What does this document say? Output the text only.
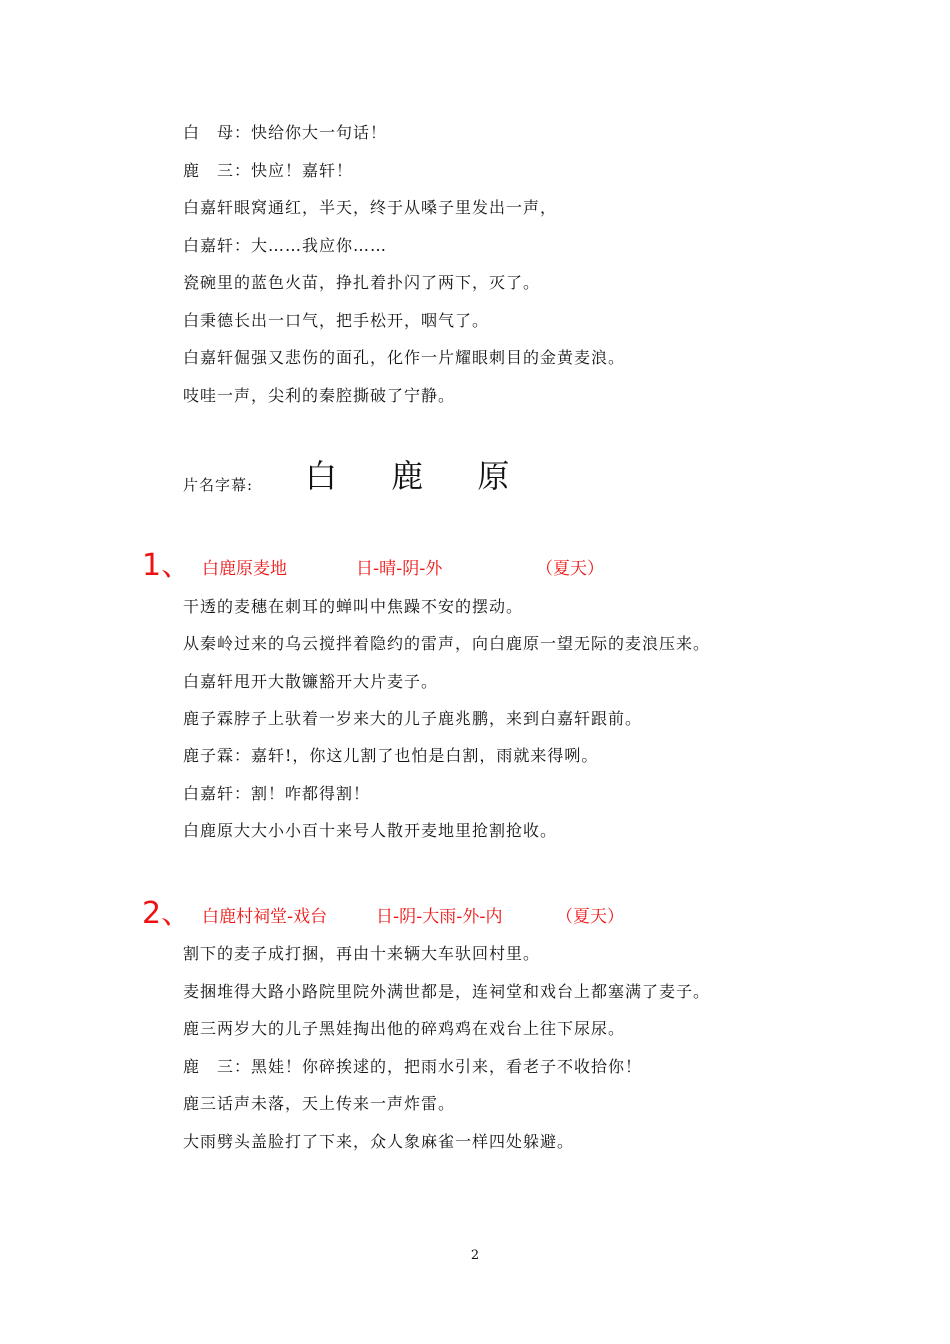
白　母：快给你大一句话！
鹿　三：快应！嘉轩！
白嘉轩眼窝通红，半天，终于从嗓子里发出一声，
白嘉轩：大……我应你……
瓷碗里的蓝色火苗，挣扎着扑闪了两下，灭了。
白秉德长出一口气，把手松开，咽气了。
白嘉轩倔强又悲伤的面孔，化作一片耀眼刺目的金黄麦浪。
吱哇一声，尖利的秦腔撕破了宁静。
片名字幕: 白 鹿 原
1、 白鹿原麦地	日-晴-阴-外	（夏天）
干透的麦穗在刺耳的蝉叫中焦躁不安的摆动。
从秦岭过来的乌云搅拌着隐约的雷声，向白鹿原一望无际的麦浪压来。
白嘉轩甩开大散镰豁开大片麦子。
鹿子霖脖子上驮着一岁来大的儿子鹿兆鹏，来到白嘉轩跟前。
鹿子霖：嘉轩!，你这儿割了也怕是白割，雨就来得咧。
白嘉轩：割！咋都得割！
白鹿原大大小小百十来号人散开麦地里抢割抢收。
2、 白鹿村祠堂-戏台	日-阴-大雨-外-内	（夏天）
割下的麦子成打捆，再由十来辆大车驮回村里。
麦捆堆得大路小路院里院外满世都是，连祠堂和戏台上都塞满了麦子。
鹿三两岁大的儿子黑娃掏出他的碎鸡鸡在戏台上往下尿尿。
鹿　三：黑娃！你碎挨逑的，把雨水引来，看老子不收拾你！
鹿三话声未落，天上传来一声炸雷。
大雨劈头盖脸打了下来，众人象麻雀一样四处躲避。
2
